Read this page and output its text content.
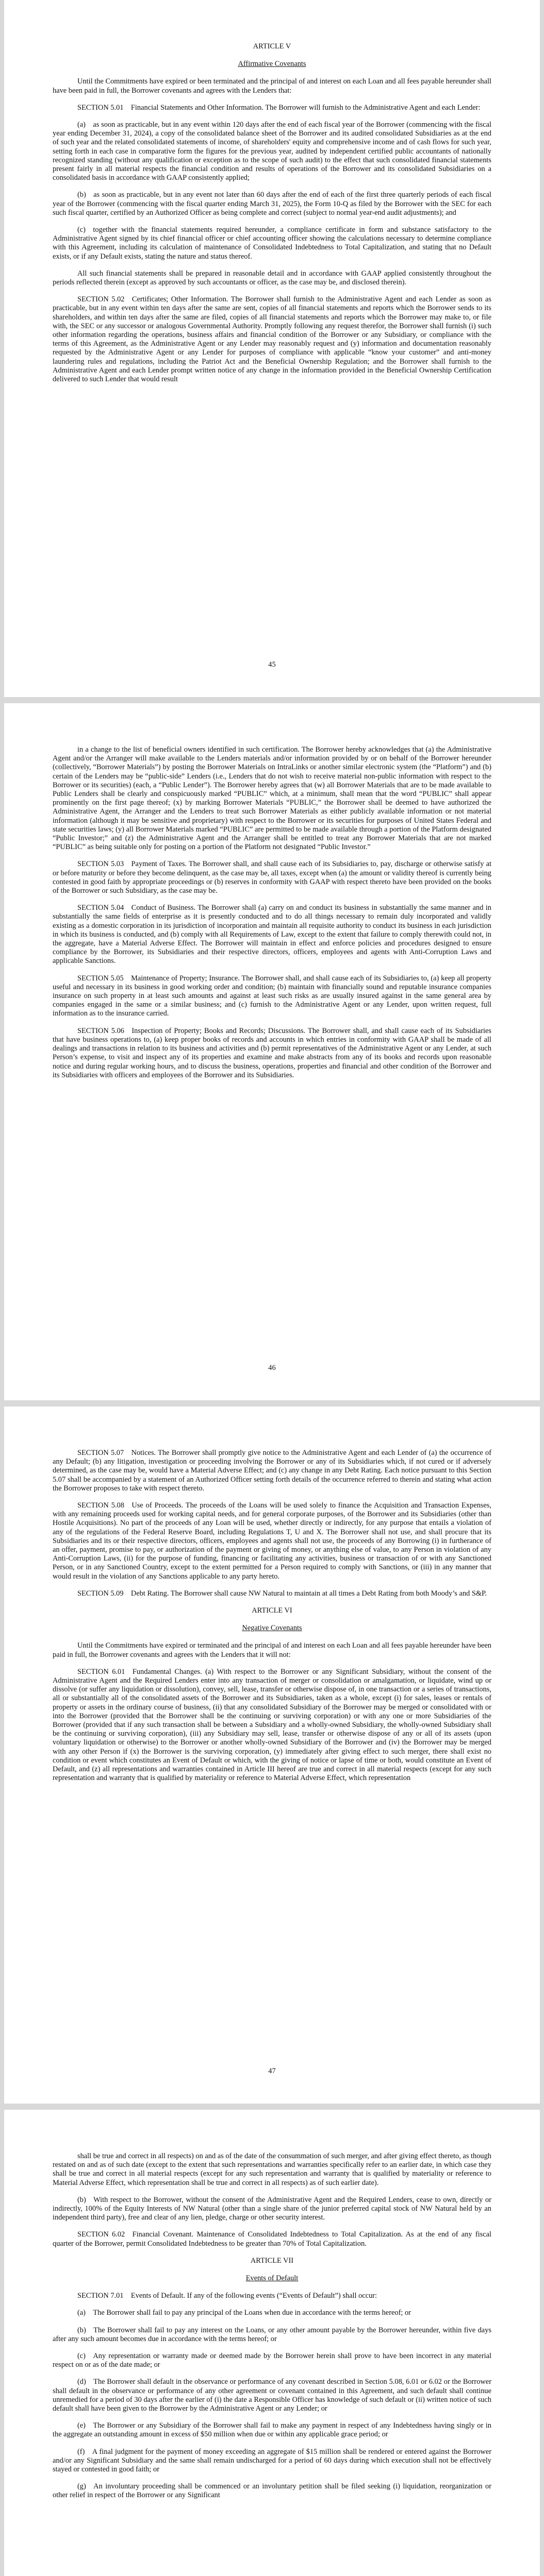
ARTICLE V

Affirmative Covenants

Until the Commitments have expired or been terminated and the principal of and interest on each Loan and all fees payable hereunder shall have been paid in full, the Borrower covenants and agrees with the Lenders that:

SECTION 5.01 Financial Statements and Other Information. The Borrower will furnish to the Administrative Agent and each Lender:

(a) as soon as practicable, but in any event within 120 days after the end of each fiscal year of the Borrower (commencing with the fiscal year ending December 31, 2024), a copy of the consolidated balance sheet of the Borrower and its audited consolidated Subsidiaries as at the end of such year and the related consolidated statements of income, of shareholders' equity and comprehensive income and of cash flows for such year, setting forth in each case in comparative form the figures for the previous year, audited by independent certified public accountants of nationally recognized standing (without any qualification or exception as to the scope of such audit) to the effect that such consolidated financial statements present fairly in all material respects the financial condition and results of operations of the Borrower and its consolidated Subsidiaries on a consolidated basis in accordance with GAAP consistently applied;

(b) as soon as practicable, but in any event not later than 60 days after the end of each of the first three quarterly periods of each fiscal year of the Borrower (commencing with the fiscal quarter ending March 31, 2025), the Form 10-Q as filed by the Borrower with the SEC for each such fiscal quarter, certified by an Authorized Officer as being complete and correct (subject to normal year-end audit adjustments); and

(c) together with the financial statements required hereunder, a compliance certificate in form and substance satisfactory to the Administrative Agent signed by its chief financial officer or chief accounting officer showing the calculations necessary to determine compliance with this Agreement, including its calculation of maintenance of Consolidated Indebtedness to Total Capitalization, and stating that no Default exists, or if any Default exists, stating the nature and status thereof.

All such financial statements shall be prepared in reasonable detail and in accordance with GAAP applied consistently throughout the periods reflected therein (except as approved by such accountants or officer, as the case may be, and disclosed therein).

SECTION 5.02 Certificates; Other Information. The Borrower shall furnish to the Administrative Agent and each Lender as soon as practicable, but in any event within ten days after the same are sent, copies of all financial statements and reports which the Borrower sends to its shareholders, and within ten days after the same are filed, copies of all financial statements and reports which the Borrower may make to, or file with, the SEC or any successor or analogous Governmental Authority. Promptly following any request therefor, the Borrower shall furnish (i) such other information regarding the operations, business affairs and financial condition of the Borrower or any Subsidiary, or compliance with the terms of this Agreement, as the Administrative Agent or any Lender may reasonably request and (y) information and documentation reasonably requested by the Administrative Agent or any Lender for purposes of compliance with applicable “know your customer” and anti-money laundering rules and regulations, including the Patriot Act and the Beneficial Ownership Regulation; and the Borrower shall furnish to the Administrative Agent and each Lender prompt written notice of any change in the information provided in the Beneficial Ownership Certification delivered to such Lender that would result

45

in a change to the list of beneficial owners identified in such certification. The Borrower hereby acknowledges that (a) the Administrative Agent and/or the Arranger will make available to the Lenders materials and/or information provided by or on behalf of the Borrower hereunder (collectively, “Borrower Materials”) by posting the Borrower Materials on IntraLinks or another similar electronic system (the “Platform”) and (b) certain of the Lenders may be “public-side” Lenders (i.e., Lenders that do not wish to receive material non-public information with respect to the Borrower or its securities) (each, a “Public Lender”). The Borrower hereby agrees that (w) all Borrower Materials that are to be made available to Public Lenders shall be clearly and conspicuously marked “PUBLIC” which, at a minimum, shall mean that the word “PUBLIC” shall appear prominently on the first page thereof; (x) by marking Borrower Materials “PUBLIC,” the Borrower shall be deemed to have authorized the Administrative Agent, the Arranger and the Lenders to treat such Borrower Materials as either publicly available information or not material information (although it may be sensitive and proprietary) with respect to the Borrower or its securities for purposes of United States Federal and state securities laws; (y) all Borrower Materials marked “PUBLIC” are permitted to be made available through a portion of the Platform designated “Public Investor;” and (z) the Administrative Agent and the Arranger shall be entitled to treat any Borrower Materials that are not marked “PUBLIC” as being suitable only for posting on a portion of the Platform not designated “Public Investor.”

SECTION 5.03 Payment of Taxes. The Borrower shall, and shall cause each of its Subsidiaries to, pay, discharge or otherwise satisfy at or before maturity or before they become delinquent, as the case may be, all taxes, except when (a) the amount or validity thereof is currently being contested in good faith by appropriate proceedings or (b) reserves in conformity with GAAP with respect thereto have been provided on the books of the Borrower or such Subsidiary, as the case may be.

SECTION 5.04 Conduct of Business. The Borrower shall (a) carry on and conduct its business in substantially the same manner and in substantially the same fields of enterprise as it is presently conducted and to do all things necessary to remain duly incorporated and validly existing as a domestic corporation in its jurisdiction of incorporation and maintain all requisite authority to conduct its business in each jurisdiction in which its business is conducted, and (b) comply with all Requirements of Law, except to the extent that failure to comply therewith could not, in the aggregate, have a Material Adverse Effect. The Borrower will maintain in effect and enforce policies and procedures designed to ensure compliance by the Borrower, its Subsidiaries and their respective directors, officers, employees and agents with Anti-Corruption Laws and applicable Sanctions.

SECTION 5.05 Maintenance of Property; Insurance. The Borrower shall, and shall cause each of its Subsidiaries to, (a) keep all property useful and necessary in its business in good working order and condition; (b) maintain with financially sound and reputable insurance companies insurance on such property in at least such amounts and against at least such risks as are usually insured against in the same general area by companies engaged in the same or a similar business; and (c) furnish to the Administrative Agent or any Lender, upon written request, full information as to the insurance carried.

SECTION 5.06 Inspection of Property; Books and Records; Discussions. The Borrower shall, and shall cause each of its Subsidiaries that have business operations to, (a) keep proper books of records and accounts in which entries in conformity with GAAP shall be made of all dealings and transactions in relation to its business and activities and (b) permit representatives of the Administrative Agent or any Lender, at such Person’s expense, to visit and inspect any of its properties and examine and make abstracts from any of its books and records upon reasonable notice and during regular working hours, and to discuss the business, operations, properties and financial and other condition of the Borrower and its Subsidiaries with officers and employees of the Borrower and its Subsidiaries.

46

SECTION 5.07 Notices. The Borrower shall promptly give notice to the Administrative Agent and each Lender of (a) the occurrence of any Default; (b) any litigation, investigation or proceeding involving the Borrower or any of its Subsidiaries which, if not cured or if adversely determined, as the case may be, would have a Material Adverse Effect; and (c) any change in any Debt Rating. Each notice pursuant to this Section 5.07 shall be accompanied by a statement of an Authorized Officer setting forth details of the occurrence referred to therein and stating what action the Borrower proposes to take with respect thereto.

SECTION 5.08 Use of Proceeds. The proceeds of the Loans will be used solely to finance the Acquisition and Transaction Expenses, with any remaining proceeds used for working capital needs, and for general corporate purposes, of the Borrower and its Subsidiaries (other than Hostile Acquisitions). No part of the proceeds of any Loan will be used, whether directly or indirectly, for any purpose that entails a violation of any of the regulations of the Federal Reserve Board, including Regulations T, U and X. The Borrower shall not use, and shall procure that its Subsidiaries and its or their respective directors, officers, employees and agents shall not use, the proceeds of any Borrowing (i) in furtherance of an offer, payment, promise to pay, or authorization of the payment or giving of money, or anything else of value, to any Person in violation of any Anti-Corruption Laws, (ii) for the purpose of funding, financing or facilitating any activities, business or transaction of or with any Sanctioned Person, or in any Sanctioned Country, except to the extent permitted for a Person required to comply with Sanctions, or (iii) in any manner that would result in the violation of any Sanctions applicable to any party hereto.

SECTION 5.09 Debt Rating. The Borrower shall cause NW Natural to maintain at all times a Debt Rating from both Moody’s and S&P.

ARTICLE VI

Negative Covenants

Until the Commitments have expired or terminated and the principal of and interest on each Loan and all fees payable hereunder have been paid in full, the Borrower covenants and agrees with the Lenders that it will not:

SECTION 6.01 Fundamental Changes. (a) With respect to the Borrower or any Significant Subsidiary, without the consent of the Administrative Agent and the Required Lenders enter into any transaction of merger or consolidation or amalgamation, or liquidate, wind up or dissolve (or suffer any liquidation or dissolution), convey, sell, lease, transfer or otherwise dispose of, in one transaction or a series of transactions, all or substantially all of the consolidated assets of the Borrower and its Subsidiaries, taken as a whole, except (i) for sales, leases or rentals of property or assets in the ordinary course of business, (ii) that any consolidated Subsidiary of the Borrower may be merged or consolidated with or into the Borrower (provided that the Borrower shall be the continuing or surviving corporation) or with any one or more Subsidiaries of the Borrower (provided that if any such transaction shall be between a Subsidiary and a wholly-owned Subsidiary, the wholly-owned Subsidiary shall be the continuing or surviving corporation), (iii) any Subsidiary may sell, lease, transfer or otherwise dispose of any or all of its assets (upon voluntary liquidation or otherwise) to the Borrower or another wholly-owned Subsidiary of the Borrower and (iv) the Borrower may be merged with any other Person if (x) the Borrower is the surviving corporation, (y) immediately after giving effect to such merger, there shall exist no condition or event which constitutes an Event of Default or which, with the giving of notice or lapse of time or both, would constitute an Event of Default, and (z) all representations and warranties contained in Article III hereof are true and correct in all material respects (except for any such representation and warranty that is qualified by materiality or reference to Material Adverse Effect, which representation

47

shall be true and correct in all respects) on and as of the date of the consummation of such merger, and after giving effect thereto, as though restated on and as of such date (except to the extent that such representations and warranties specifically refer to an earlier date, in which case they shall be true and correct in all material respects (except for any such representation and warranty that is qualified by materiality or reference to Material Adverse Effect, which representation shall be true and correct in all respects) as of such earlier date).

(b) With respect to the Borrower, without the consent of the Administrative Agent and the Required Lenders, cease to own, directly or indirectly, 100% of the Equity Interests of NW Natural (other than a single share of the junior preferred capital stock of NW Natural held by an independent third party), free and clear of any lien, pledge, charge or other security interest.

SECTION 6.02 Financial Covenant. Maintenance of Consolidated Indebtedness to Total Capitalization. As at the end of any fiscal quarter of the Borrower, permit Consolidated Indebtedness to be greater than 70% of Total Capitalization.

ARTICLE VII

Events of Default

SECTION 7.01 Events of Default. If any of the following events (“Events of Default”) shall occur:

(a) The Borrower shall fail to pay any principal of the Loans when due in accordance with the terms hereof; or

(b) The Borrower shall fail to pay any interest on the Loans, or any other amount payable by the Borrower hereunder, within five days after any such amount becomes due in accordance with the terms hereof; or

(c) Any representation or warranty made or deemed made by the Borrower herein shall prove to have been incorrect in any material respect on or as of the date made; or

(d) The Borrower shall default in the observance or performance of any covenant described in Section 5.08, 6.01 or 6.02 or the Borrower shall default in the observance or performance of any other agreement or covenant contained in this Agreement, and such default shall continue unremedied for a period of 30 days after the earlier of (i) the date a Responsible Officer has knowledge of such default or (ii) written notice of such default shall have been given to the Borrower by the Administrative Agent or any Lender; or

(e) The Borrower or any Subsidiary of the Borrower shall fail to make any payment in respect of any Indebtedness having singly or in the aggregate an outstanding amount in excess of $50 million when due or within any applicable grace period; or

(f) A final judgment for the payment of money exceeding an aggregate of $15 million shall be rendered or entered against the Borrower and/or any Significant Subsidiary and the same shall remain undischarged for a period of 60 days during which execution shall not be effectively stayed or contested in good faith; or

(g) An involuntary proceeding shall be commenced or an involuntary petition shall be filed seeking (i) liquidation, reorganization or other relief in respect of the Borrower or any Significant
